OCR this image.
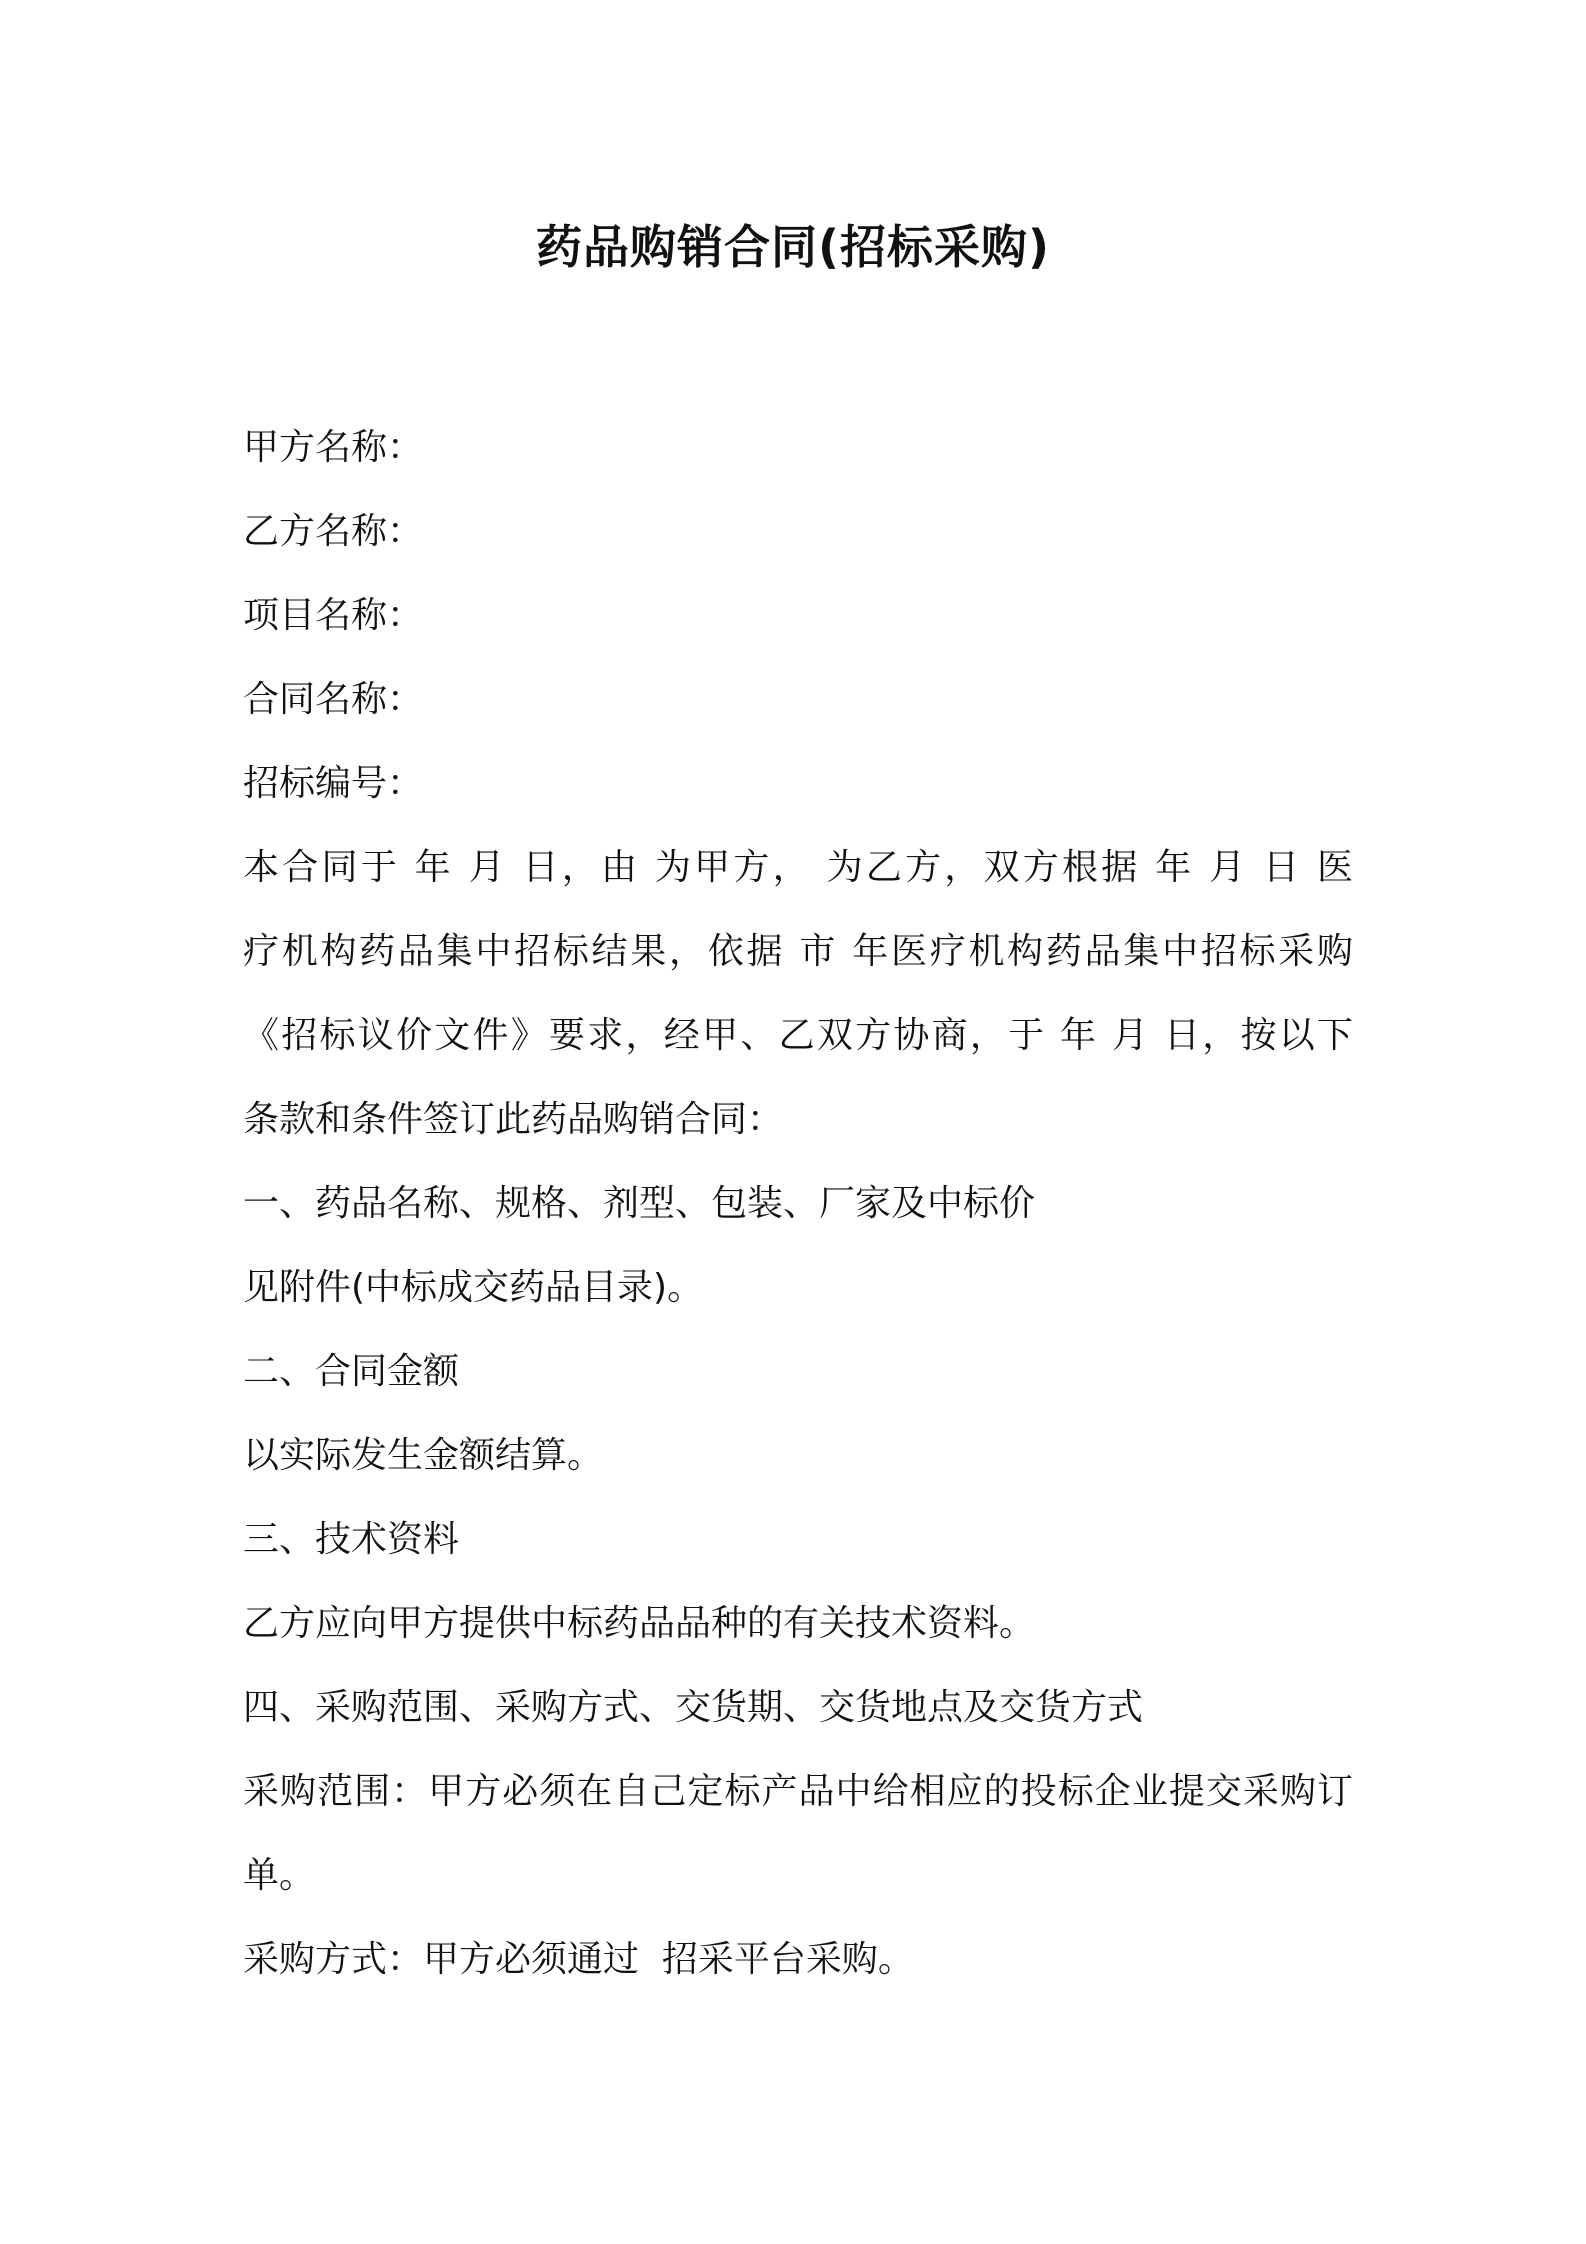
药品购销合同(招标采购)

甲方名称：

乙方名称：

项目名称：

合同名称：

招标编号：

本合同于 年 月 日，由 为甲方， 为乙方，双方根据 年 月 日 医

疗机构药品集中招标结果，依据 市 年医疗机构药品集中招标采购

《招标议价文件》要求，经甲、乙双方协商，于 年 月 日，按以下

条款和条件签订此药品购销合同：

一、药品名称、规格、剂型、包装、厂家及中标价

见附件(中标成交药品目录)。

二、合同金额

以实际发生金额结算。

三、技术资料

乙方应向甲方提供中标药品品种的有关技术资料。

四、采购范围、采购方式、交货期、交货地点及交货方式

采购范围：甲方必须在自己定标产品中给相应的投标企业提交采购订

单。

采购方式：甲方必须通过  招采平台采购。
